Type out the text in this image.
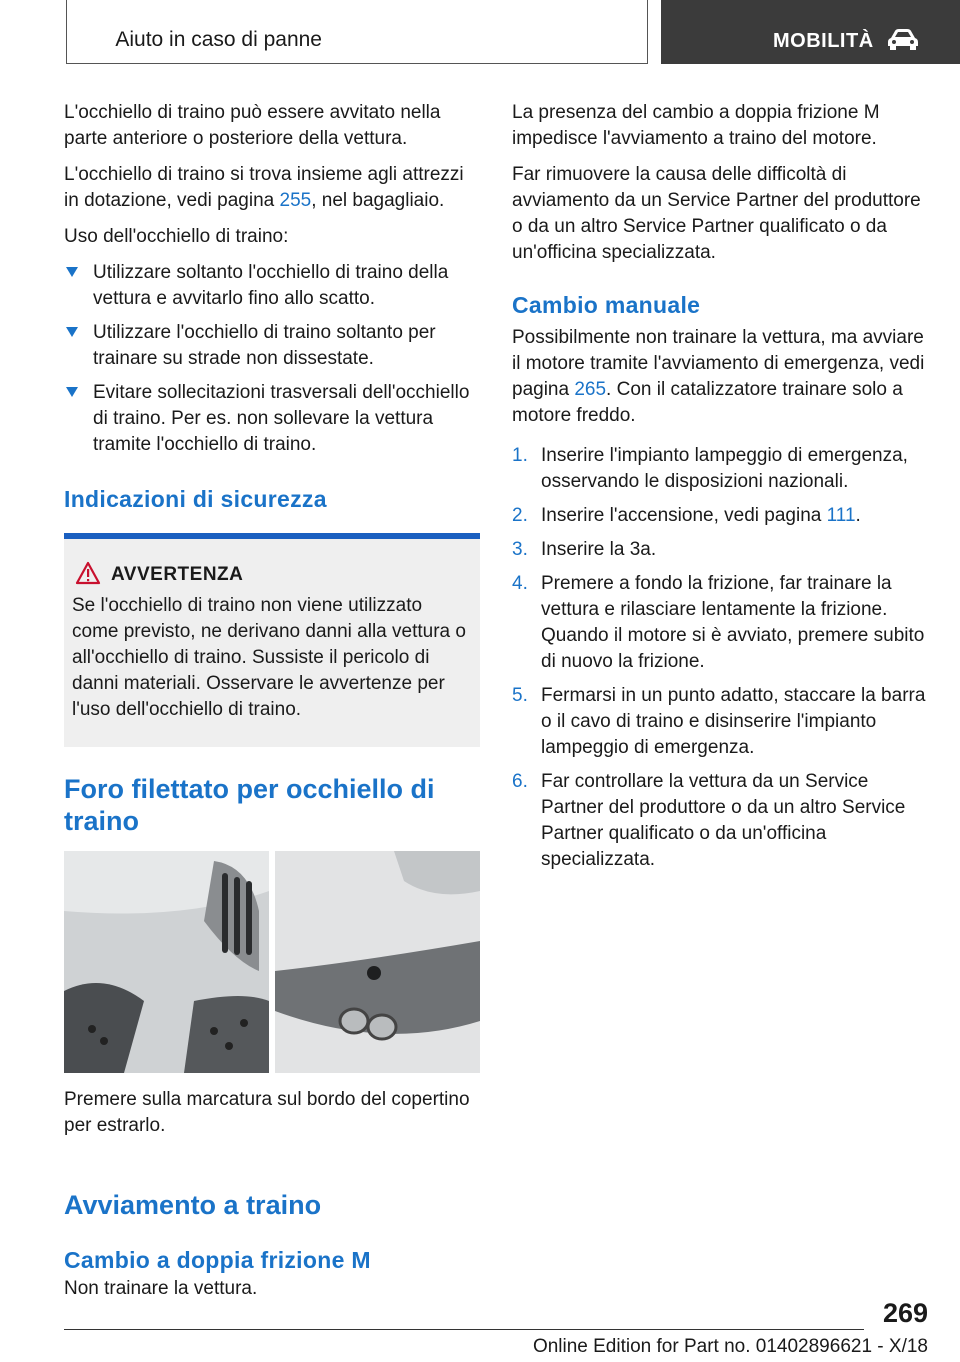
Aiuto in caso di panne	MOBILITÀ

L'occhiello di traino può essere avvitato nella parte anteriore o posteriore della vettura.

L'occhiello di traino si trova insieme agli attrezzi in dotazione, vedi pagina 255, nel bagagliaio.

Uso dell'occhiello di traino:

Utilizzare soltanto l'occhiello di traino della vettura e avvitarlo fino allo scatto.
Utilizzare l'occhiello di traino soltanto per trainare su strade non dissestate.
Evitare sollecitazioni trasversali dell'occhiello di traino. Per es. non sollevare la vettura tramite l'occhiello di traino.
Indicazioni di sicurezza
AVVERTENZA

Se l'occhiello di traino non viene utilizzato come previsto, ne derivano danni alla vettura o all'occhiello di traino. Sussiste il pericolo di danni materiali. Osservare le avvertenze per l'uso dell'occhiello di traino.

Foro filettato per occhiello di traino

Premere sulla marcatura sul bordo del copertino per estrarlo.

Avviamento a traino
Cambio a doppia frizione M

Non trainare la vettura.

La presenza del cambio a doppia frizione M impedisce l'avviamento a traino del motore.

Far rimuovere la causa delle difficoltà di avviamento da un Service Partner del produttore o da un altro Service Partner qualificato o da un'officina specializzata.

Cambio manuale

Possibilmente non trainare la vettura, ma avviare il motore tramite l'avviamento di emergenza, vedi pagina 265. Con il catalizzatore trainare solo a motore freddo.

1. Inserire l'impianto lampeggio di emergenza, osservando le disposizioni nazionali.
2. Inserire l'accensione, vedi pagina 111.
3. Inserire la 3a.
4. Premere a fondo la frizione, far trainare la vettura e rilasciare lentamente la frizione. Quando il motore si è avviato, premere subito di nuovo la frizione.
5. Fermarsi in un punto adatto, staccare la barra o il cavo di traino e disinserire l'impianto lampeggio di emergenza.
6. Far controllare la vettura da un Service Partner del produttore o da un altro Service Partner qualificato o da un'officina specializzata.
269
Online Edition for Part no. 01402896621 - X/18
